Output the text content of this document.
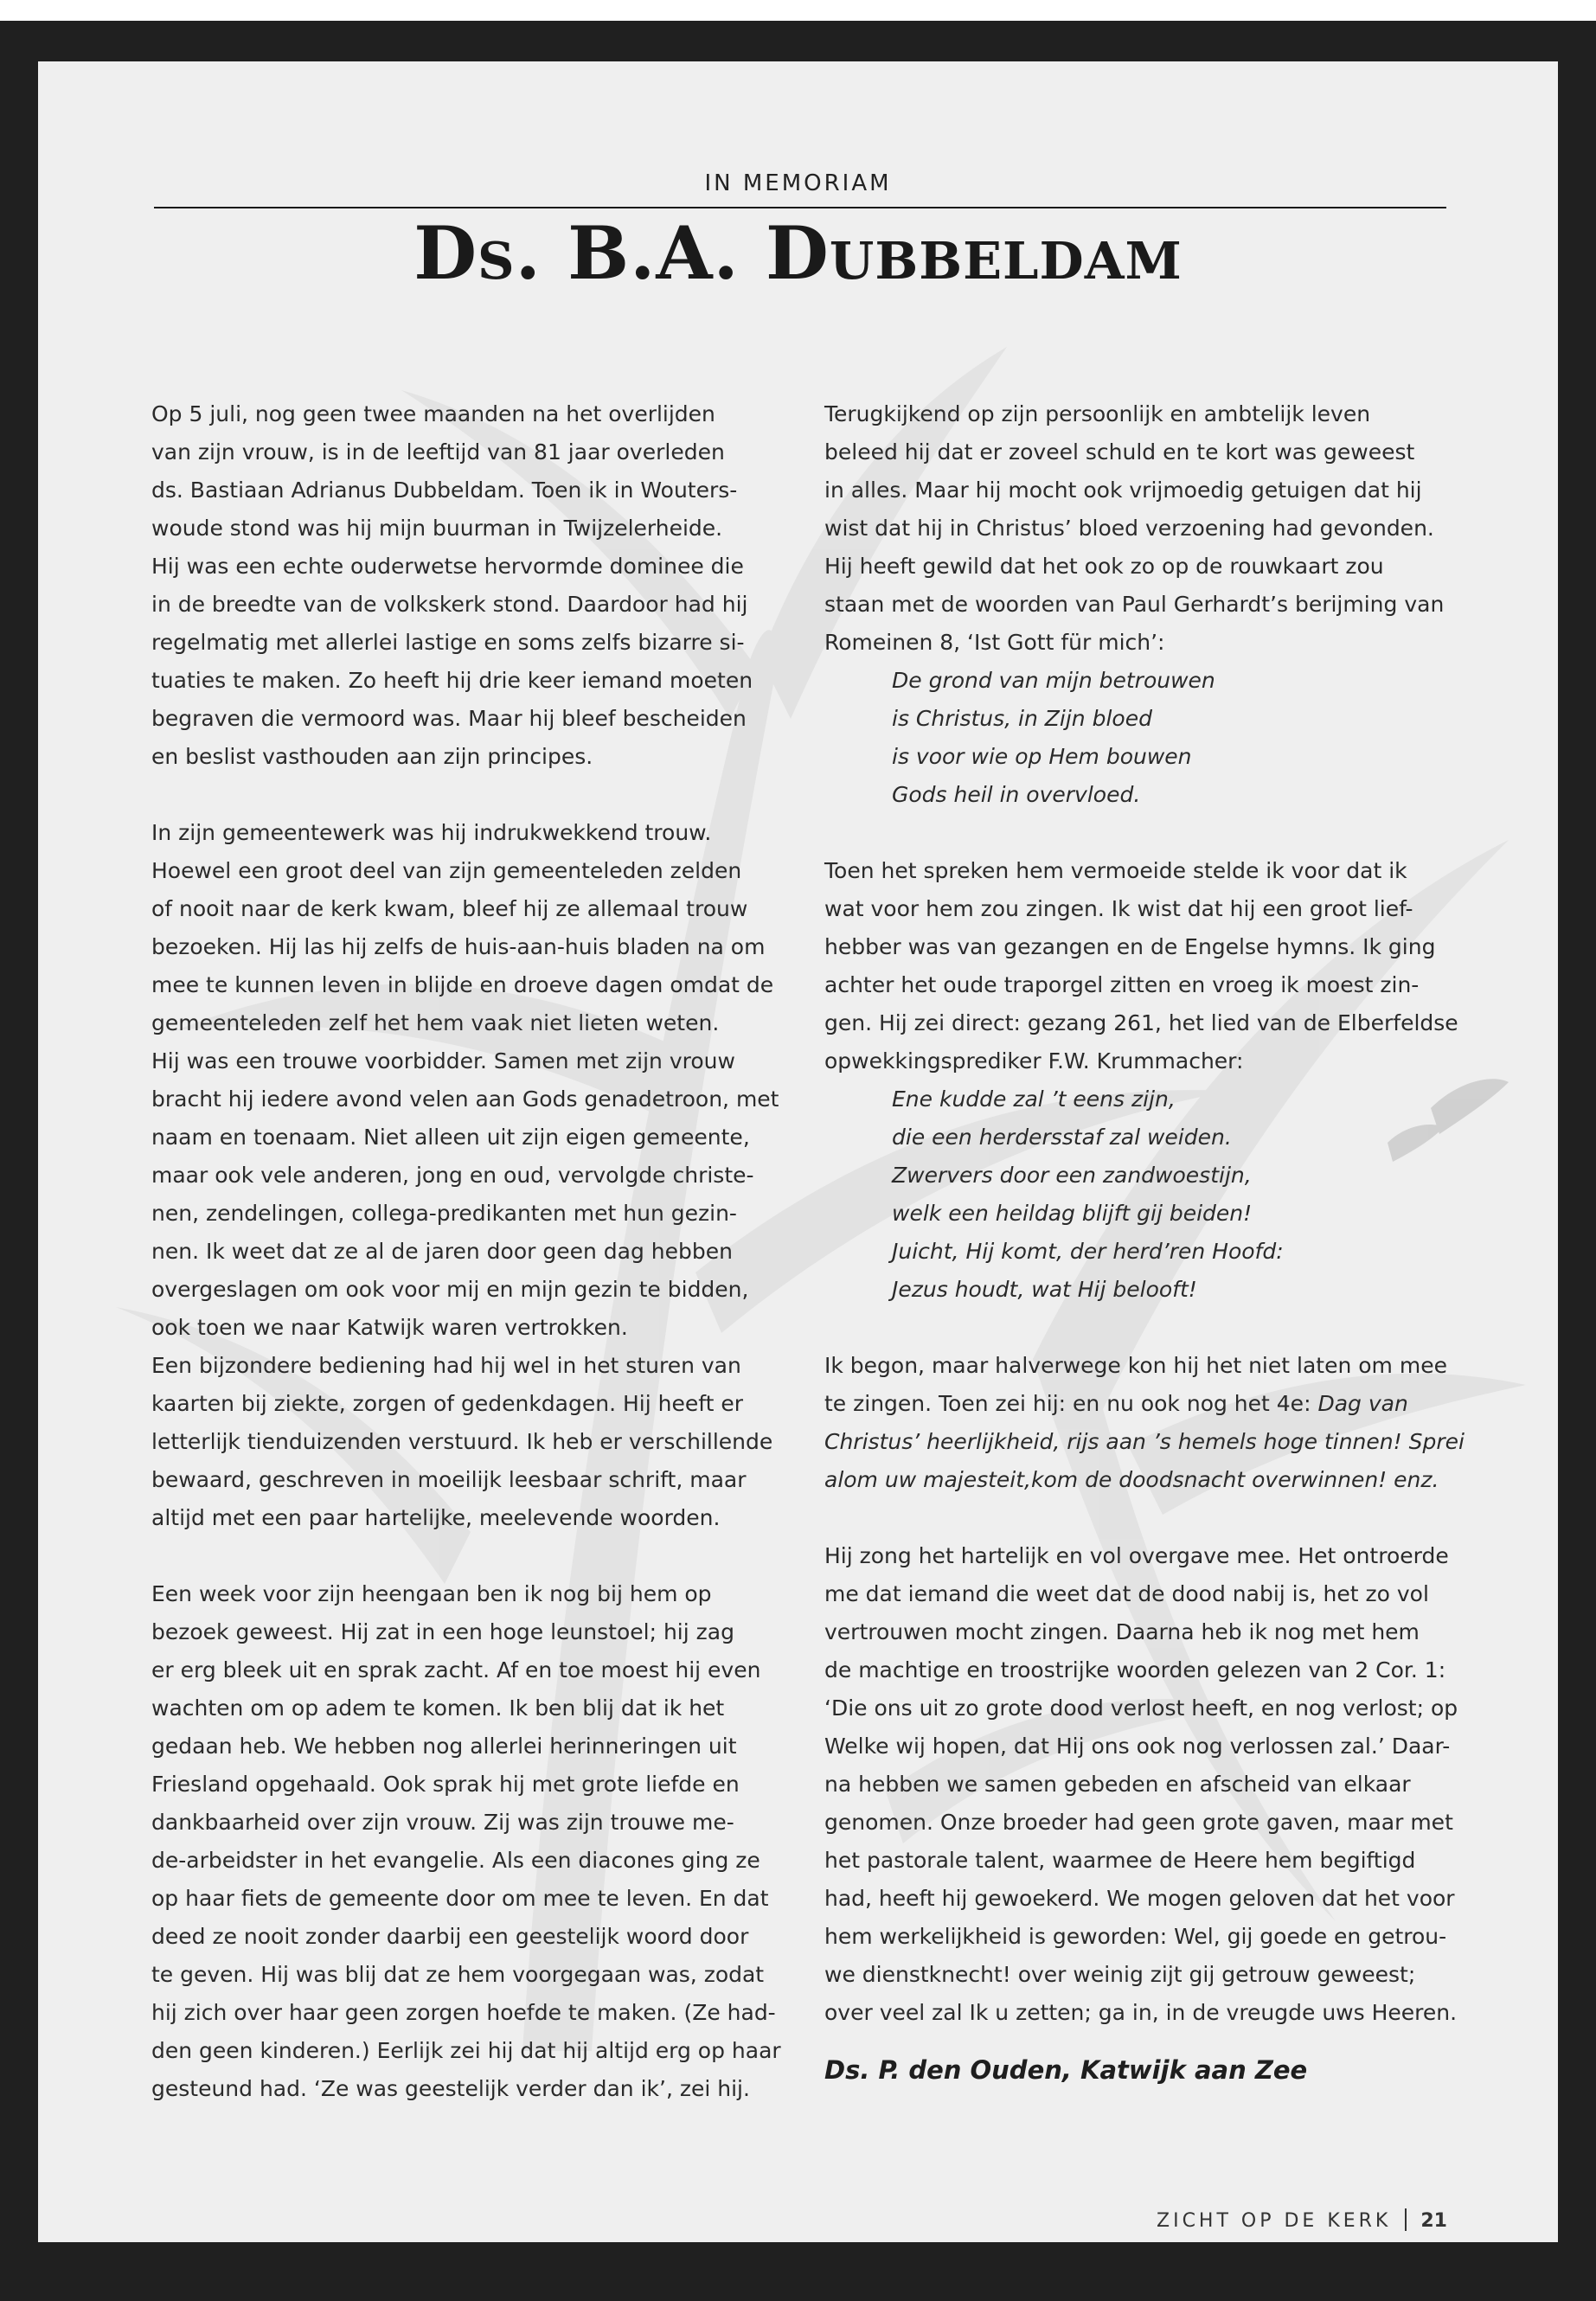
IN MEMORIAM
Ds. B.A. Dubbeldam
Op 5 juli, nog geen twee maanden na het overlijden
van zijn vrouw, is in de leeftijd van 81 jaar overleden
ds. Bastiaan Adrianus Dubbeldam. Toen ik in Wouters-
woude stond was hij mijn buurman in Twijzelerheide.
Hij was een echte ouderwetse hervormde dominee die
in de breedte van de volkskerk stond. Daardoor had hij
regelmatig met allerlei lastige en soms zelfs bizarre si-
tuaties te maken. Zo heeft hij drie keer iemand moeten
begraven die vermoord was. Maar hij bleef bescheiden
en beslist vasthouden aan zijn principes.
In zijn gemeentewerk was hij indrukwekkend trouw.
Hoewel een groot deel van zijn gemeenteleden zelden
of nooit naar de kerk kwam, bleef hij ze allemaal trouw
bezoeken. Hij las hij zelfs de huis-aan-huis bladen na om
mee te kunnen leven in blijde en droeve dagen omdat de
gemeenteleden zelf het hem vaak niet lieten weten.
Hij was een trouwe voorbidder. Samen met zijn vrouw
bracht hij iedere avond velen aan Gods genadetroon, met
naam en toenaam. Niet alleen uit zijn eigen gemeente,
maar ook vele anderen, jong en oud, vervolgde christe-
nen, zendelingen, collega-predikanten met hun gezin-
nen. Ik weet dat ze al de jaren door geen dag hebben
overgeslagen om ook voor mij en mijn gezin te bidden,
ook toen we naar Katwijk waren vertrokken.
Een bijzondere bediening had hij wel in het sturen van
kaarten bij ziekte, zorgen of gedenkdagen. Hij heeft er
letterlijk tienduizenden verstuurd. Ik heb er verschillende
bewaard, geschreven in moeilijk leesbaar schrift, maar
altijd met een paar hartelijke, meelevende woorden.
Een week voor zijn heengaan ben ik nog bij hem op
bezoek geweest. Hij zat in een hoge leunstoel; hij zag
er erg bleek uit en sprak zacht. Af en toe moest hij even
wachten om op adem te komen. Ik ben blij dat ik het
gedaan heb. We hebben nog allerlei herinneringen uit
Friesland opgehaald. Ook sprak hij met grote liefde en
dankbaarheid over zijn vrouw. Zij was zijn trouwe me-
de-arbeidster in het evangelie. Als een diacones ging ze
op haar fiets de gemeente door om mee te leven. En dat
deed ze nooit zonder daarbij een geestelijk woord door
te geven. Hij was blij dat ze hem voorgegaan was, zodat
hij zich over haar geen zorgen hoefde te maken. (Ze had-
den geen kinderen.) Eerlijk zei hij dat hij altijd erg op haar
gesteund had. ‘Ze was geestelijk verder dan ik’, zei hij.
Terugkijkend op zijn persoonlijk en ambtelijk leven
beleed hij dat er zoveel schuld en te kort was geweest
in alles. Maar hij mocht ook vrijmoedig getuigen dat hij
wist dat hij in Christus’ bloed verzoening had gevonden.
Hij heeft gewild dat het ook zo op de rouwkaart zou
staan met de woorden van Paul Gerhardt’s berijming van
Romeinen 8, ‘Ist Gott für mich’:
De grond van mijn betrouwen
is Christus, in Zijn bloed
is voor wie op Hem bouwen
Gods heil in overvloed.
Toen het spreken hem vermoeide stelde ik voor dat ik
wat voor hem zou zingen. Ik wist dat hij een groot lief-
hebber was van gezangen en de Engelse hymns. Ik ging
achter het oude traporgel zitten en vroeg ik moest zin-
gen. Hij zei direct: gezang 261, het lied van de Elberfeldse
opwekkingsprediker F.W. Krummacher:
Ene kudde zal ’t eens zijn,
die een herdersstaf zal weiden.
Zwervers door een zandwoestijn,
welk een heildag blijft gij beiden!
Juicht, Hij komt, der herd’ren Hoofd:
Jezus houdt, wat Hij belooft!
Ik begon, maar halverwege kon hij het niet laten om mee
te zingen. Toen zei hij: en nu ook nog het 4e: Dag van
Christus’ heerlijkheid, rijs aan ’s hemels hoge tinnen! Sprei
alom uw majesteit,kom de doodsnacht overwinnen! enz.
Hij zong het hartelijk en vol overgave mee. Het ontroerde
me dat iemand die weet dat de dood nabij is, het zo vol
vertrouwen mocht zingen. Daarna heb ik nog met hem
de machtige en troostrijke woorden gelezen van 2 Cor. 1:
‘Die ons uit zo grote dood verlost heeft, en nog verlost; op
Welke wij hopen, dat Hij ons ook nog verlossen zal.’ Daar-
na hebben we samen gebeden en afscheid van elkaar
genomen. Onze broeder had geen grote gaven, maar met
het pastorale talent, waarmee de Heere hem begiftigd
had, heeft hij gewoekerd. We mogen geloven dat het voor
hem werkelijkheid is geworden: Wel, gij goede en getrou-
we dienstknecht! over weinig zijt gij getrouw geweest;
over veel zal Ik u zetten; ga in, in de vreugde uws Heeren.
Ds. P. den Ouden, Katwijk aan Zee
ZICHT OP DE KERK 21
